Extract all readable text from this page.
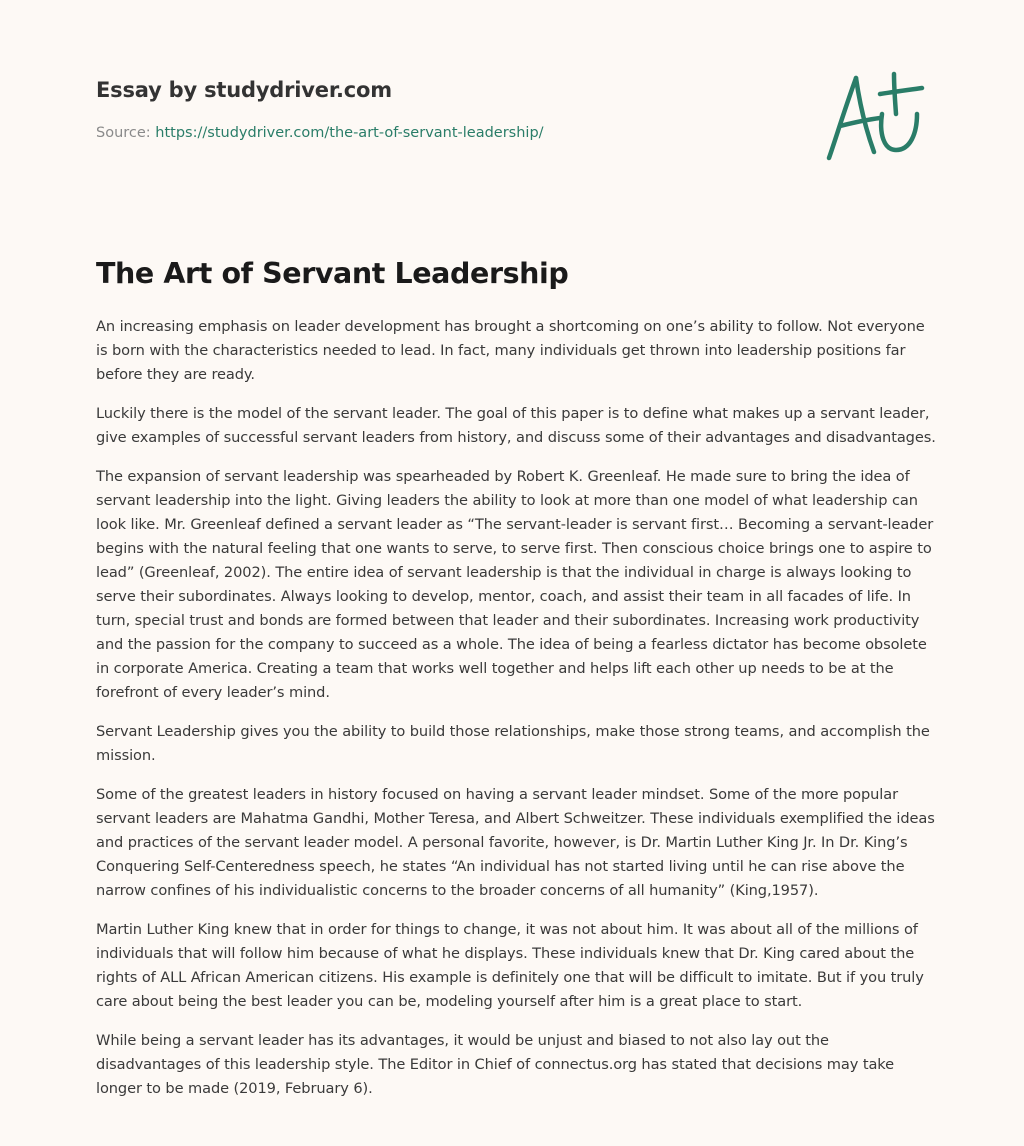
Essay by studydriver.com
Source: https://studydriver.com/the-art-of-servant-leadership/
The Art of Servant Leadership

An increasing emphasis on leader development has brought a shortcoming on one’s ability to follow. Not everyone is born with the characteristics needed to lead. In fact, many individuals get thrown into leadership positions far before they are ready.

Luckily there is the model of the servant leader. The goal of this paper is to define what makes up a servant leader, give examples of successful servant leaders from history, and discuss some of their advantages and disadvantages.

The expansion of servant leadership was spearheaded by Robert K. Greenleaf. He made sure to bring the idea of servant leadership into the light. Giving leaders the ability to look at more than one model of what leadership can look like. Mr. Greenleaf defined a servant leader as “The servant-leader is servant first… Becoming a servant-leader begins with the natural feeling that one wants to serve, to serve first. Then conscious choice brings one to aspire to lead” (Greenleaf, 2002). The entire idea of servant leadership is that the individual in charge is always looking to serve their subordinates. Always looking to develop, mentor, coach, and assist their team in all facades of life. In turn, special trust and bonds are formed between that leader and their subordinates. Increasing work productivity and the passion for the company to succeed as a whole. The idea of being a fearless dictator has become obsolete in corporate America. Creating a team that works well together and helps lift each other up needs to be at the forefront of every leader’s mind.

Servant Leadership gives you the ability to build those relationships, make those strong teams, and accomplish the mission.

Some of the greatest leaders in history focused on having a servant leader mindset. Some of the more popular servant leaders are Mahatma Gandhi, Mother Teresa, and Albert Schweitzer. These individuals exemplified the ideas and practices of the servant leader model. A personal favorite, however, is Dr. Martin Luther King Jr. In Dr. King’s Conquering Self-Centeredness speech, he states “An individual has not started living until he can rise above the narrow confines of his individualistic concerns to the broader concerns of all humanity” (King,1957).

Martin Luther King knew that in order for things to change, it was not about him. It was about all of the millions of individuals that will follow him because of what he displays. These individuals knew that Dr. King cared about the rights of ALL African American citizens. His example is definitely one that will be difficult to imitate. But if you truly care about being the best leader you can be, modeling yourself after him is a great place to start.

While being a servant leader has its advantages, it would be unjust and biased to not also lay out the disadvantages of this leadership style. The Editor in Chief of connectus.org has stated that decisions may take longer to be made (2019, February 6).
